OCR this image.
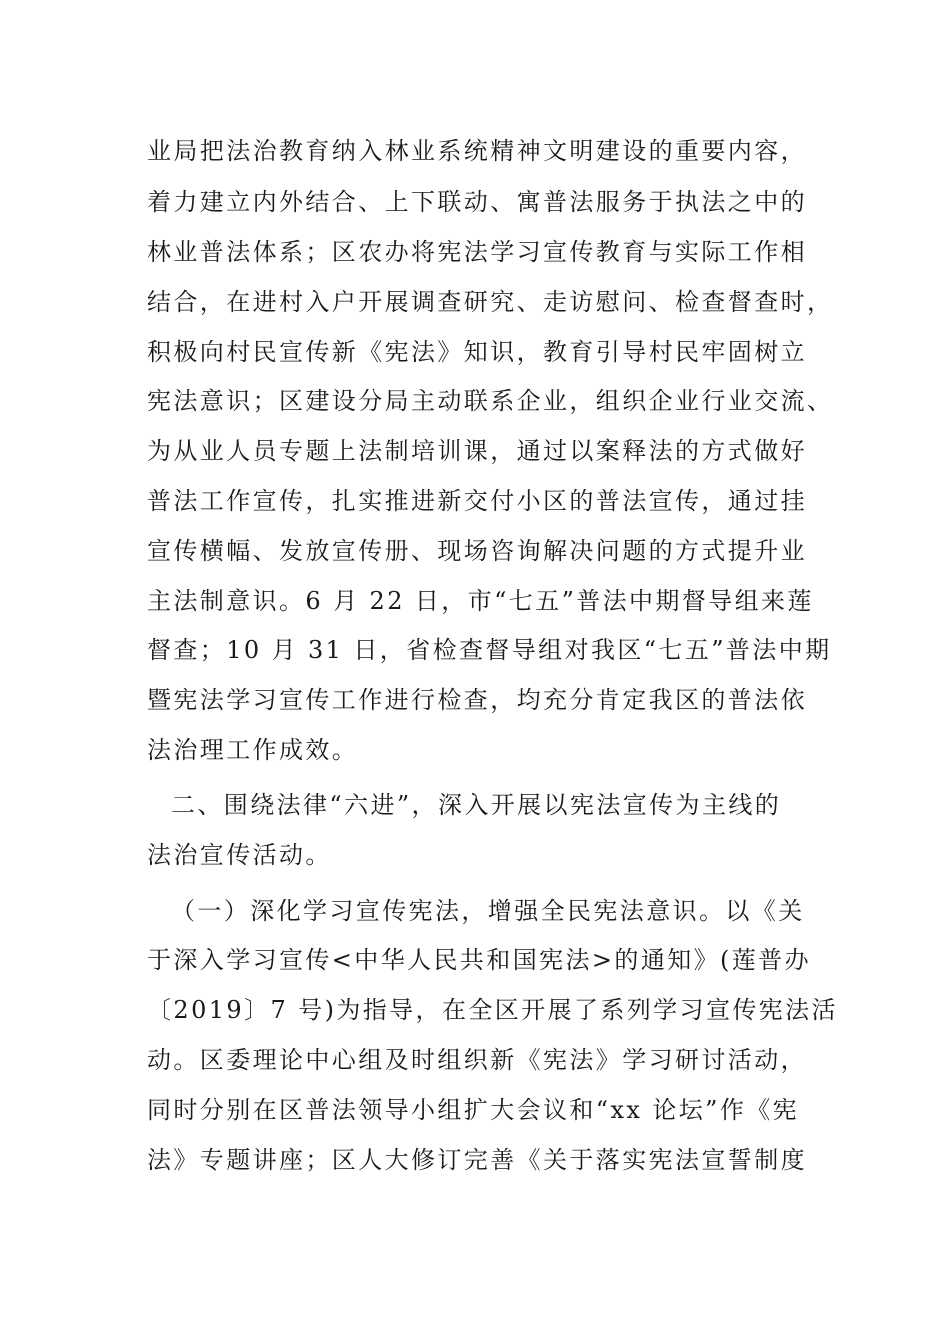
业局把法治教育纳入林业系统精神文明建设的重要内容，
着力建立内外结合、上下联动、寓普法服务于执法之中的
林业普法体系；区农办将宪法学习宣传教育与实际工作相
结合，在进村入户开展调查研究、走访慰问、检查督查时，
积极向村民宣传新《宪法》知识，教育引导村民牢固树立
宪法意识；区建设分局主动联系企业，组织企业行业交流、
为从业人员专题上法制培训课，通过以案释法的方式做好
普法工作宣传，扎实推进新交付小区的普法宣传，通过挂
宣传横幅、发放宣传册、现场咨询解决问题的方式提升业
主法制意识。6 月 22 日，市“七五”普法中期督导组来莲
督查；10 月 31 日，省检查督导组对我区“七五”普法中期
暨宪法学习宣传工作进行检查，均充分肯定我区的普法依
法治理工作成效。
二、围绕法律“六进”，深入开展以宪法宣传为主线的
法治宣传活动。
（一）深化学习宣传宪法，增强全民宪法意识。以《关
于深入学习宣传<中华人民共和国宪法>的通知》(莲普办
〔2019〕7 号)为指导，在全区开展了系列学习宣传宪法活
动。区委理论中心组及时组织新《宪法》学习研讨活动，
同时分别在区普法领导小组扩大会议和“xx 论坛”作《宪
法》专题讲座；区人大修订完善《关于落实宪法宣誓制度
